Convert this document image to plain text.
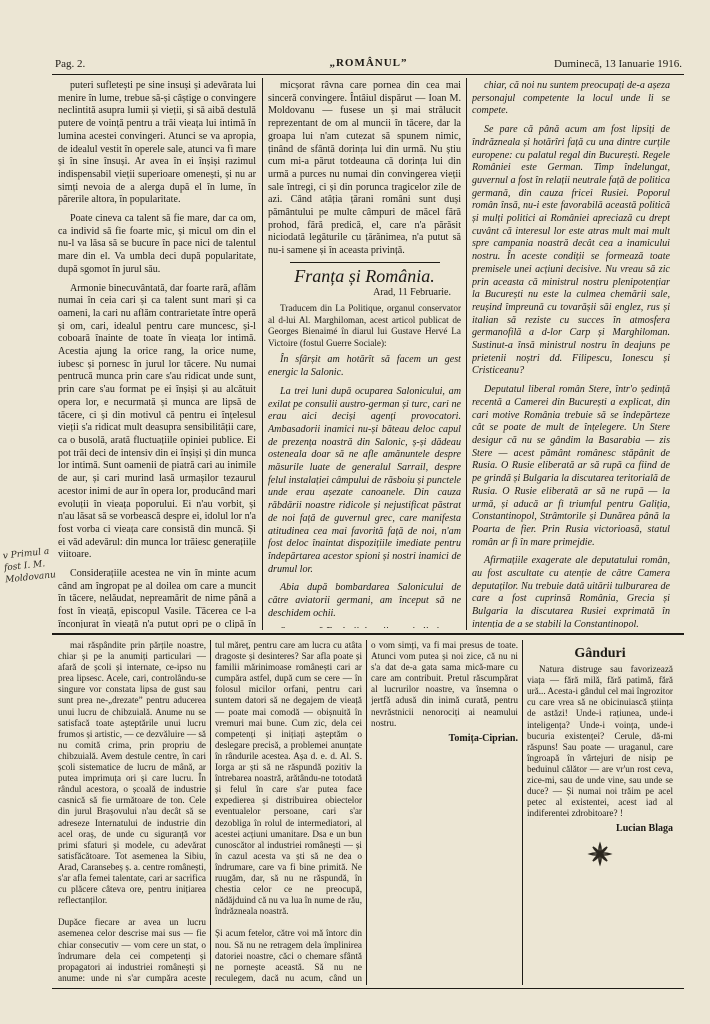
Pag. 2.	„ROMÂNUL”	Duminecă, 13 Ianuarie 1916.

puteri sufletești pe sine insuși și adevărata lui menire în lume, trebue să-și câștige o convingere neclintită asupra lumii și vieții, și să aibă destulă putere de voință pentru a trăi vieața lui intimă în lumina acestei convingeri. Atunci se va apropia, de idealul vestit în operele sale, atunci va fi mare și în sine însuși. Ar avea în ei înșiși razimul indispensabil vieții superioare omenești, și nu ar simți nevoia de a alerga după el în lume, în părerile altora, în popularitate.

Poate cineva ca talent să fie mare, dar ca om, ca individ să fie foarte mic, și micul om din el nu-l va lăsa să se bucure în pace nici de talentul mare din el. Va umbla deci după popularitate, după sgomot în jurul său.

Armonie binecuvântată, dar foarte rară, aflăm numai în ceia cari și ca talent sunt mari și ca oameni, la cari nu aflăm contrarietate între operă și om, cari, idealul pentru care muncesc, și-l coboară înainte de toate în vieața lor intimă. Acestia ajung la orice rang, la orice nume, iubesc și pornesc în jurul lor tăcere. Nu numai pentrucă munca prin care s'au ridicat unde sunt, prin care s'au format pe ei înșiși și au alcătuit opera lor, e necurmată și munca are lipsă de tăcere, ci și din motivul că pentru ei înțelesul vieții s'a ridicat mult deasupra sensibilității care, ca o busolă, arată fluctuațiile opiniei publice. Ei pot trăi deci de intensiv din ei înșiși și din munca lor intimă. Sunt oamenii de piatră cari au inimile de aur, și cari murind lasă urmașilor tezaurul acestor inimi de aur în opera lor, producând mari evoluții în vieața poporului. Ei n'au vorbit, și n'au lăsat să se vorbească despre ei, idolul lor n'a fost vorba ci vieața care consistă din muncă. Și ei văd adevărul: din munca lor trăiesc generațiile viitoare.

Considerațiile acestea ne vin în minte acum când am îngropat pe al doilea om care a muncit în tăcere, nelăudat, nepreamărit de nime până a fost în vieață, episcopul Vasile. Tăcerea ce l-a înconjurat în vieață n'a putut opri pe o clipă în

v Primul a fost I. M. Moldovanu

micșorat râvna care pornea din cea mai sinceră convingere. Întâiul dispărut — Ioan M. Moldovanu — fusese un și mai strălucit reprezentant de om al muncii în tăcere, dar la groapa lui n'am cutezat să spunem nimic, ținând de sfântă dorința lui din urmă. Nu știu cum mi-a părut totdeauna că dorința lui din urmă a purces nu numai din convingerea vieții sale întregi, ci și din porunca tragicelor zile de azi. Când atâția țărani români sunt duși pământului pe multe câmpuri de măcel fără prohod, fără predică, el, care n'a părăsit niciodată legăturile cu țărănimea, n'a putut să nu-i samene și în aceasta privință.

Franța și România.
Arad, 11 Februarie.
Traducem din La Politique, organul conservator al d-lui Al. Marghiloman, acest articol publicat de Georges Bienaimé în diarul lui Gustave Hervé La Victoire (fostul Guerre Sociale):

În sfârșit am hotărît să facem un gest energic la Salonic.

La trei luni după ocuparea Salonicului, am exilat pe consulii austro-german și turc, cari ne erau aici deciși agenți provocatori. Ambasadorii inamici nu-și băteau deloc capul de prezența noastră din Salonic, ș-și dădeau osteneala doar să ne afle amănuntele despre măsurile luate de generalul Sarrail, despre felul instalației câmpului de răsboiu și punctele unde erau așezate canoanele. Din cauza răbdării noastre ridicole și nejustificat păstrat de noi față de guvernul grec, care manifesta atitudinea cea mai favorită față de noi, n'am fost deloc înaintat dispozițiile imediate pentru îndepărtarea acestor spioni și nostri inamici de drumul lor.

Abia după bombardarea Salonicului de către aviatorii germani, am început să ne deschidem ochii.

chiar, că noi nu suntem preocupați de-a așeza personajul competente la locul unde li se compete.

Se pare că până acum am fost lipsiți de îndrăzneala și hotărîri față cu una dintre curțile europene: cu palatul regal din București. Regele României este German. Timp îndelungat, guvernul a fost în relații neutrale față de politica germană, din cauza fricei Rusiei. Poporul român însă, nu-i este favorabilă această politică și mulți politici ai României apreciază cu drept cuvânt că interesul lor este atras mult mai mult spre campania noastră decât cea a inamicului nostru. În aceste condiții se formează toate premisele unei acțiuni decisive. Nu vreau să zic prin aceasta că ministrul nostru plenipotențiar la București nu este la culmea chemării sale, reușind împreună cu tovarășii săi englez, rus și italian să reziste cu succes în atmosfera germanofilă a d-lor Carp și Marghiloman. Sustinut-a însă ministrul nostru în deajuns pe prietenii noștri dd. Filipescu, Ionescu și Cristiceanu?

Deputatul liberal român Stere, într'o ședință recentă a Camerei din București a explicat, din cari motive România trebuie să se îndepărteze cât se poate de mult de înțelegere. Un Stere desigur că nu se gândim la Basarabia — zis Stere — acest pământ românesc stăpânit de Rusia. O Rusie eliberată ar să rupă ca fiind de pe grindă și Bulgaria la discutarea teritorială de Rusia. O Rusie eliberată ar să ne rupă — la urmă, și aducă ar fi triumful pentru Galiția, Constantinopol, Strâmtorile și Dunărea până la Poarta de fier. Prin Rusia victorioasă, statul român ar fi în mare primejdie.

Afirmațiile exagerate ale deputatului român, au fost ascultate cu atenție de către Camera deputaților. Nu trebuie dată uitării tulburarea de care a fost cuprinsă România, Grecia și Bulgaria la discutarea Rusiei exprimată în intenția de a se stabili la Constantinopol.

mai răspândite prin părțile noastre, chiar și pe la anumiți particulari — afară de școli și internate, ce-ipso nu prea lipsesc. Acele, cari, controlându-se singure vor constata lipsa de gust sau sunt prea ne-„drezate” pentru aducerea unui lucru de chibzuială. Anume nu se satisfacă toate așteptările unui lucru frumos și artistic, — ce dezvăluire — să nu comită crima, prin propriu de chibzuială. Avem destule centre, în cari școli sistematice de lucru de mână, ar putea imprimuța ori și care lucru. În rândul acestora, o școală de industrie casnică să fie următoare de ton. Cele din jurul Brașovului n'au decât să se adreseze Internatului de industrie din acel oraș, de unde cu siguranță vor primi sfaturi și modele, cu adevărat satisfăcătoare. Tot asemenea la Sibiu, Arad, Caransebeș ș. a. centre românești, s'ar afla femei talentate, cari ar sacrifica cu plăcere câteva ore, pentru inițiarea reflectanților.

Dupăce fiecare ar avea un lucru asemenea celor descrise mai sus — fie chiar consecutiv — vom cere un stat, o îndrumare dela cei competenți și propagatori ai industriei românești și anume: unde ni s'ar cumpăra aceste

tul măreț, pentru care am lucra cu atâta dragoste și desinteres? Sar afla poate și familii mărinimoase românești cari ar cumpăra astfel, după cum se cere — în folosul micilor orfani, pentru cari suntem datori să ne degajem de vieață — poate mai comodă — obișnuită în vremuri mai bune. Cum zic, dela cei competenți și inițiați așteptăm o deslegare precisă, a problemei anunțate în rândurile acestea. Așa d. e. d. Al. S. Iorga ar ști să ne răspundă pozitiv la întrebarea noastră, arătându-ne totodată și felul în care s'ar putea face expedierea și distribuirea obiectelor eventualelor persoane, cari s'ar dezobliga în rolul de intermediatori, al acestei acțiuni umanitare. Dsa e un bun cunoscător al industriei românești — și în cazul acesta va ști să ne dea o îndrumare, care va fi bine primită. Ne ruugăm, dar, să nu ne răspundă, în chestia celor ce ne preocupă, nădăjduind că nu va lua în nume de rău, îndrăzneala noastră.

Și acum fetelor, către voi mă întorc din nou. Să nu ne retragem dela împlinirea datoriei noastre, căci o chemare sfântă ne pornește această. Să nu ne reculegem, dacă nu acum, când un

o vom simți, va fi mai presus de toate. Atunci vom putea și noi zice, că nu ni s'a dat de-a gata sama mică-mare cu care am contribuit. Pretul răscumpărat al lucrurilor noastre, va însemna o jertfă adusă din inimă curată, pentru nevrăstnicii nenorociți ai neamului nostru.

Tomița-Ciprian.
Gânduri

Natura distruge sau favorizează viața — fără milă, fără patimă, fără ură... Acesta-i gândul cel mai îngrozitor cu care vrea să ne obicinuiască știința de astăzi! Unde-i rațiunea, unde-i inteligența? Unde-i voința, unde-i bucuria existenței? Cerule, dă-mi răspuns! Sau poate — uraganul, care îngroapă în vârtejuri de nisip pe beduinul călător — are vr'un rost ceva, zice-mi, sau de unde vine, sau unde se duce? — Și numai noi trăim pe acel petec al existentei, acest iad al indiferentei zdrobitoare? !

Lucian Blaga
